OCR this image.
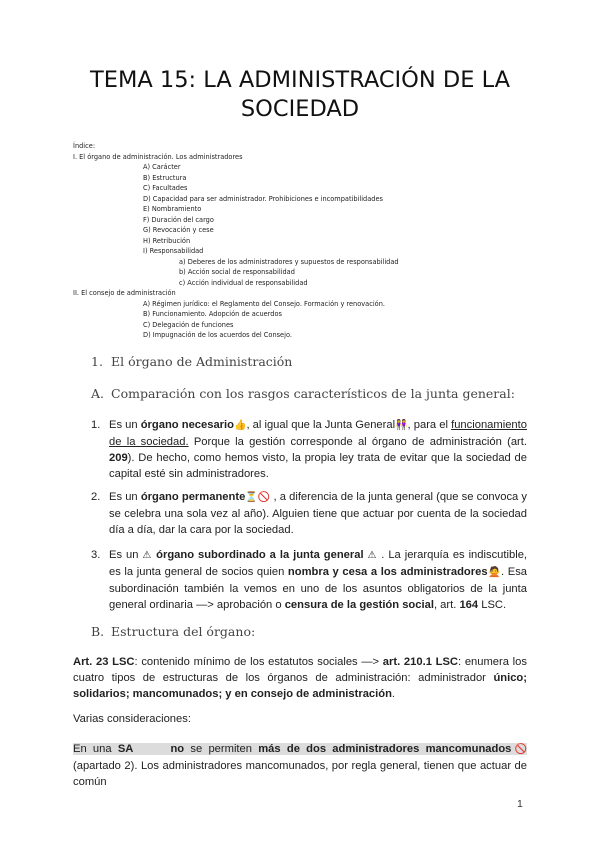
TEMA 15: LA ADMINISTRACIÓN DE LA
SOCIEDAD
Índice:
I. El órgano de administración. Los administradores
A) Carácter
B) Estructura
C) Facultades
D) Capacidad para ser administrador. Prohibiciones e incompatibilidades
E) Nombramiento
F) Duración del cargo
G) Revocación y cese
H) Retribución
I) Responsabilidad
a) Deberes de los administradores y supuestos de responsabilidad
b) Acción social de responsabilidad
c) Acción individual de responsabilidad
II. El consejo de administración
A) Régimen jurídico: el Reglamento del Consejo. Formación y renovación.
B) Funcionamiento. Adopción de acuerdos
C) Delegación de funciones
D) Impugnación de los acuerdos del Consejo.
1. El órgano de Administración
A. Comparación con los rasgos característicos de la junta general:
1. Es un órgano necesario👍, al igual que la Junta General👭, para el funcionamiento de la sociedad. Porque la gestión corresponde al órgano de administración (art. 209). De hecho, como hemos visto, la propia ley trata de evitar que la sociedad de capital esté sin administradores.
2. Es un órgano permanente⏳🚫 , a diferencia de la junta general (que se convoca y se celebra una sola vez al año). Alguien tiene que actuar por cuenta de la sociedad día a día, dar la cara por la sociedad.
3. Es un ⚠ órgano subordinado a la junta general ⚠ . La jerarquía es indiscutible, es la junta general de socios quien nombra y cesa a los administradores🙅. Esa subordinación también la vemos en uno de los asuntos obligatorios de la junta general ordinaria —> aprobación o censura de la gestión social, art. 164 LSC.
B. Estructura del órgano:
Art. 23 LSC: contenido mínimo de los estatutos sociales —> art. 210.1 LSC: enumera los cuatro tipos de estructuras de los órganos de administración: administrador único; solidarios; mancomunados; y en consejo de administración.
Varias consideraciones:
En una SA      no se permiten más de dos administradores mancomunados🚫 (apartado 2). Los administradores mancomunados, por regla general, tienen que actuar de común
1
